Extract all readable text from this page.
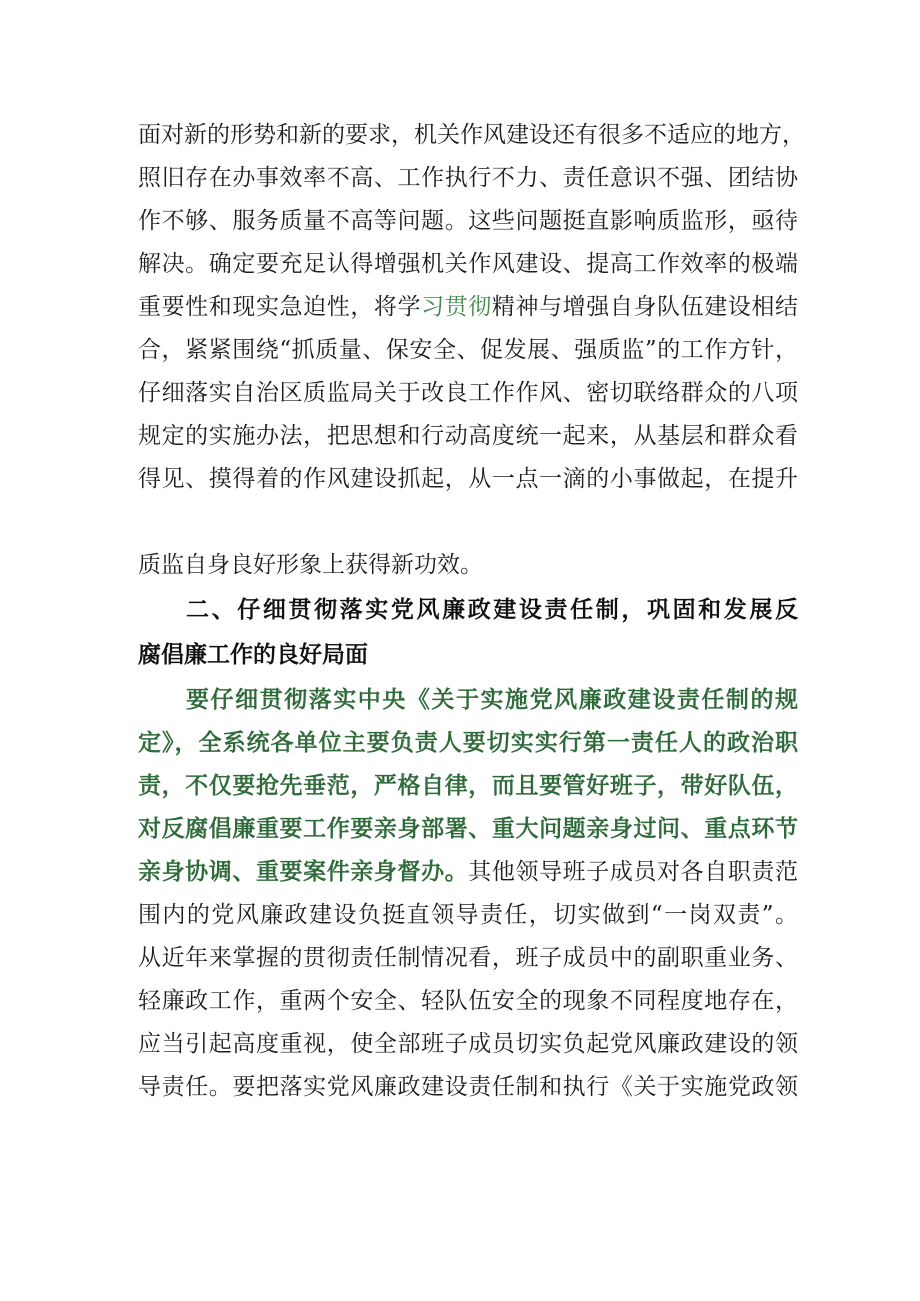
面对新的形势和新的要求，机关作风建设还有很多不适应的地方，
照旧存在办事效率不高、工作执行不力、责任意识不强、团结协
作不够、服务质量不高等问题。这些问题挺直影响质监形，亟待
解决。确定要充足认得增强机关作风建设、提高工作效率的极端
重要性和现实急迫性，将学习贯彻精神与增强自身队伍建设相结
合，紧紧围绕“抓质量、保安全、促发展、强质监”的工作方针，
仔细落实自治区质监局关于改良工作作风、密切联络群众的八项
规定的实施办法，把思想和行动高度统一起来，从基层和群众看
得见、摸得着的作风建设抓起，从一点一滴的小事做起，在提升
质监自身良好形象上获得新功效。
二、仔细贯彻落实党风廉政建设责任制，巩固和发展反
腐倡廉工作的良好局面
要仔细贯彻落实中央《关于实施党风廉政建设责任制的规
定》，全系统各单位主要负责人要切实实行第一责任人的政治职
责，不仅要抢先垂范，严格自律，而且要管好班子，带好队伍，
对反腐倡廉重要工作要亲身部署、重大问题亲身过问、重点环节
亲身协调、重要案件亲身督办。其他领导班子成员对各自职责范
围内的党风廉政建设负挺直领导责任，切实做到“一岗双责”。
从近年来掌握的贯彻责任制情况看，班子成员中的副职重业务、
轻廉政工作，重两个安全、轻队伍安全的现象不同程度地存在，
应当引起高度重视，使全部班子成员切实负起党风廉政建设的领
导责任。要把落实党风廉政建设责任制和执行《关于实施党政领
